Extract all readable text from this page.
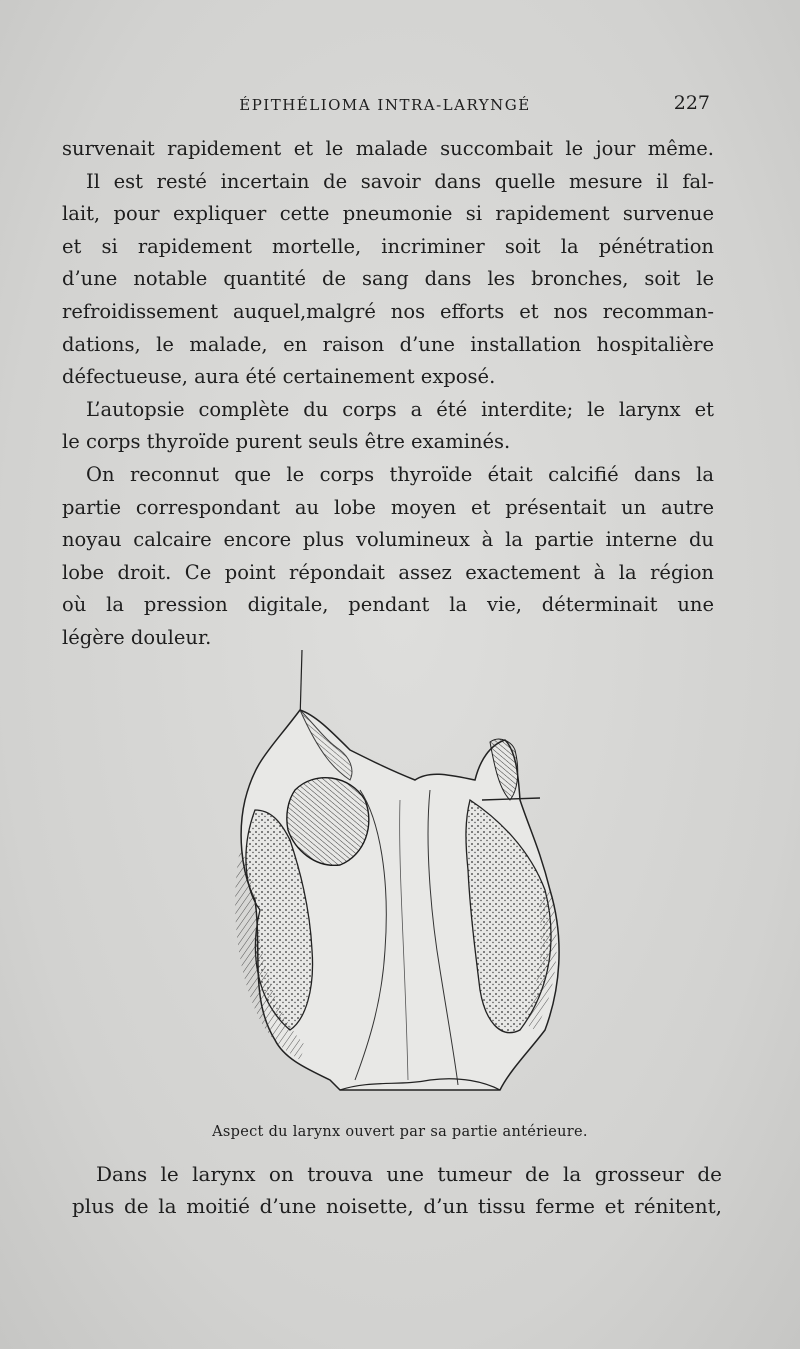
ÉPITHÉLIOMA INTRA-LARYNGÉ	227
survenait rapidement et le malade succombait le jour même.
Il est resté incertain de savoir dans quelle mesure il fal-
lait, pour expliquer cette pneumonie si rapidement survenue
et si rapidement mortelle, incriminer soit la pénétration
d’une notable quantité de sang dans les bronches, soit le
refroidissement auquel,malgré nos efforts et nos recomman-
dations, le malade, en raison d’une installation hospitalière
défectueuse, aura été certainement exposé.
L’autopsie complète du corps a été interdite; le larynx et
le corps thyroïde purent seuls être examinés.
On reconnut que le corps thyroïde était calcifié dans la
partie correspondant au lobe moyen et présentait un autre
noyau calcaire encore plus volumineux à la partie interne du
lobe droit. Ce point répondait assez exactement à la région
où la pression digitale, pendant la vie, déterminait une
légère douleur.
Aspect du larynx ouvert par sa partie antérieure.
Dans le larynx on trouva une tumeur de la grosseur de
plus de la moitié d’une noisette, d’un tissu ferme et rénitent,
